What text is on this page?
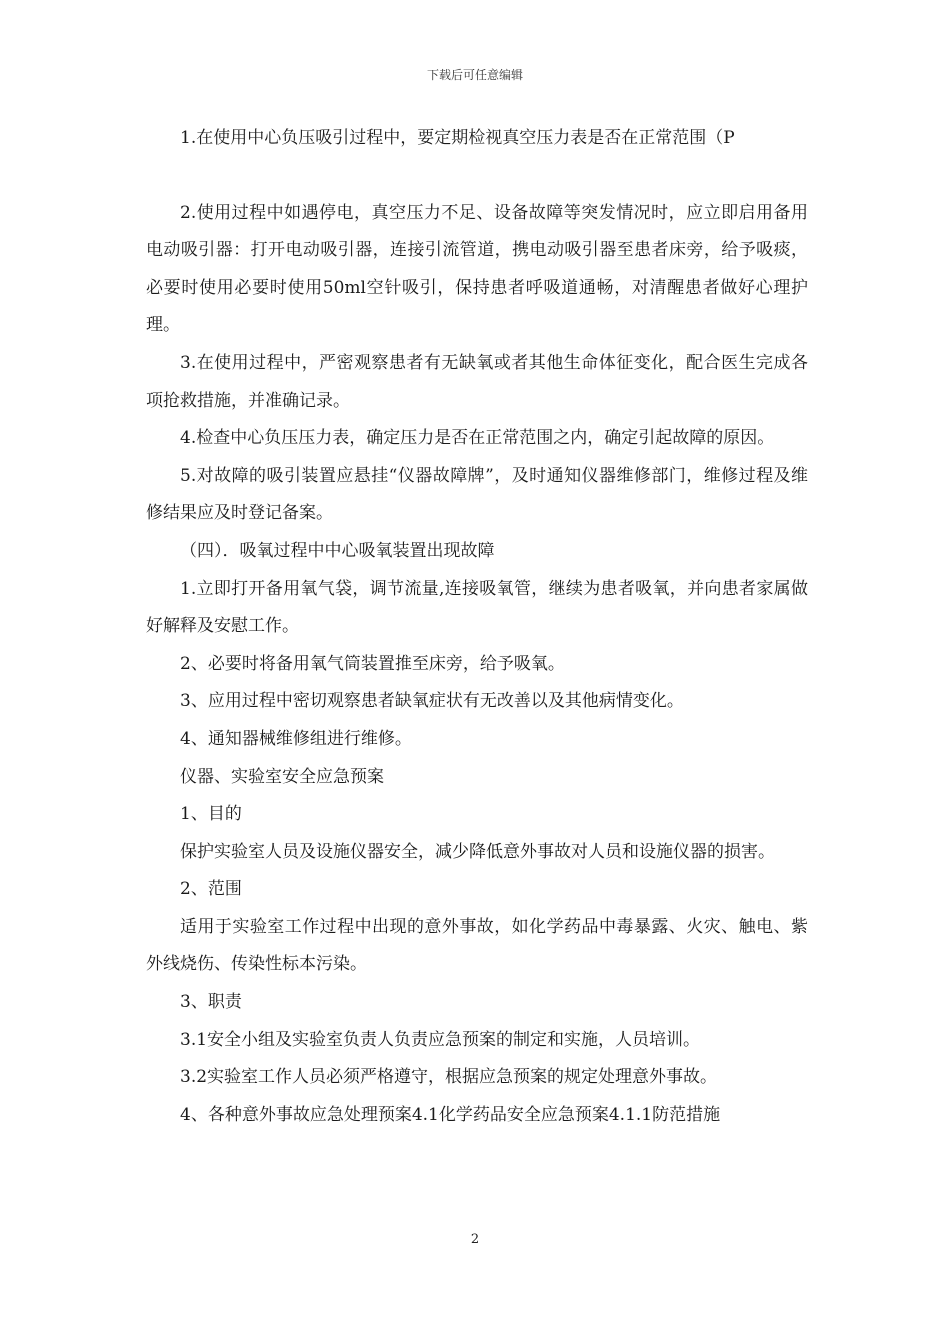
下载后可任意编辑

1.在使用中心负压吸引过程中，要定期检视真空压力表是否在正常范围（P

2.使用过程中如遇停电，真空压力不足、设备故障等突发情况时，应立即启用备用电动吸引器：打开电动吸引器，连接引流管道，携电动吸引器至患者床旁，给予吸痰，必要时使用必要时使用50ml空针吸引，保持患者呼吸道通畅，对清醒患者做好心理护理。

3.在使用过程中，严密观察患者有无缺氧或者其他生命体征变化，配合医生完成各项抢救措施，并准确记录。

4.检查中心负压压力表，确定压力是否在正常范围之内，确定引起故障的原因。

5.对故障的吸引装置应悬挂“仪器故障牌”，及时通知仪器维修部门，维修过程及维修结果应及时登记备案。

（四）．吸氧过程中中心吸氧装置出现故障

1.立即打开备用氧气袋，调节流量,连接吸氧管，继续为患者吸氧，并向患者家属做好解释及安慰工作。

2、必要时将备用氧气筒装置推至床旁，给予吸氧。

3、应用过程中密切观察患者缺氧症状有无改善以及其他病情变化。

4、通知器械维修组进行维修。

仪器、实验室安全应急预案

1、目的

保护实验室人员及设施仪器安全，减少降低意外事故对人员和设施仪器的损害。

2、范围

适用于实验室工作过程中出现的意外事故，如化学药品中毒暴露、火灾、触电、紫外线烧伤、传染性标本污染。

3、职责

3.1安全小组及实验室负责人负责应急预案的制定和实施，人员培训。

3.2实验室工作人员必须严格遵守，根据应急预案的规定处理意外事故。

4、各种意外事故应急处理预案4.1化学药品安全应急预案4.1.1防范措施

2
